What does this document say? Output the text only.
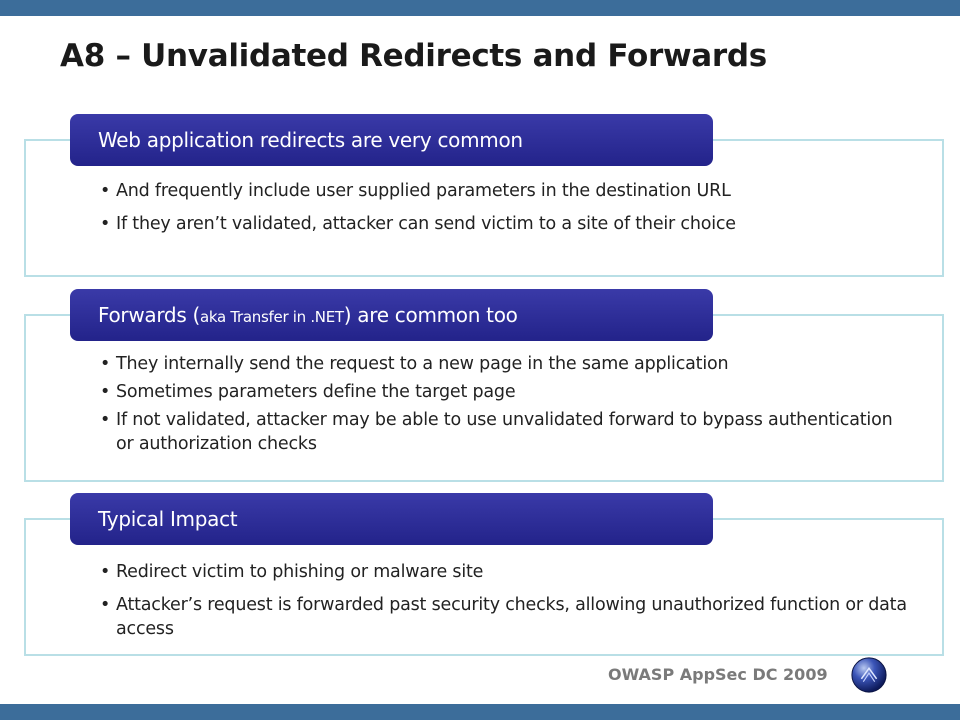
A8 – Unvalidated Redirects and Forwards
• And frequently include user supplied parameters in the destination URL
• If they aren’t validated, attacker can send victim to a site of their choice
Web application redirects are very common
• They internally send the request to a new page in the same application
• Sometimes parameters define the target page
• If not validated, attacker may be able to use unvalidated forward to bypass authentication or authorization checks
Forwards (aka Transfer in .NET) are common too
• Redirect victim to phishing or malware site
• Attacker’s request is forwarded past security checks, allowing unauthorized function or data access
Typical Impact
OWASP AppSec DC 2009
